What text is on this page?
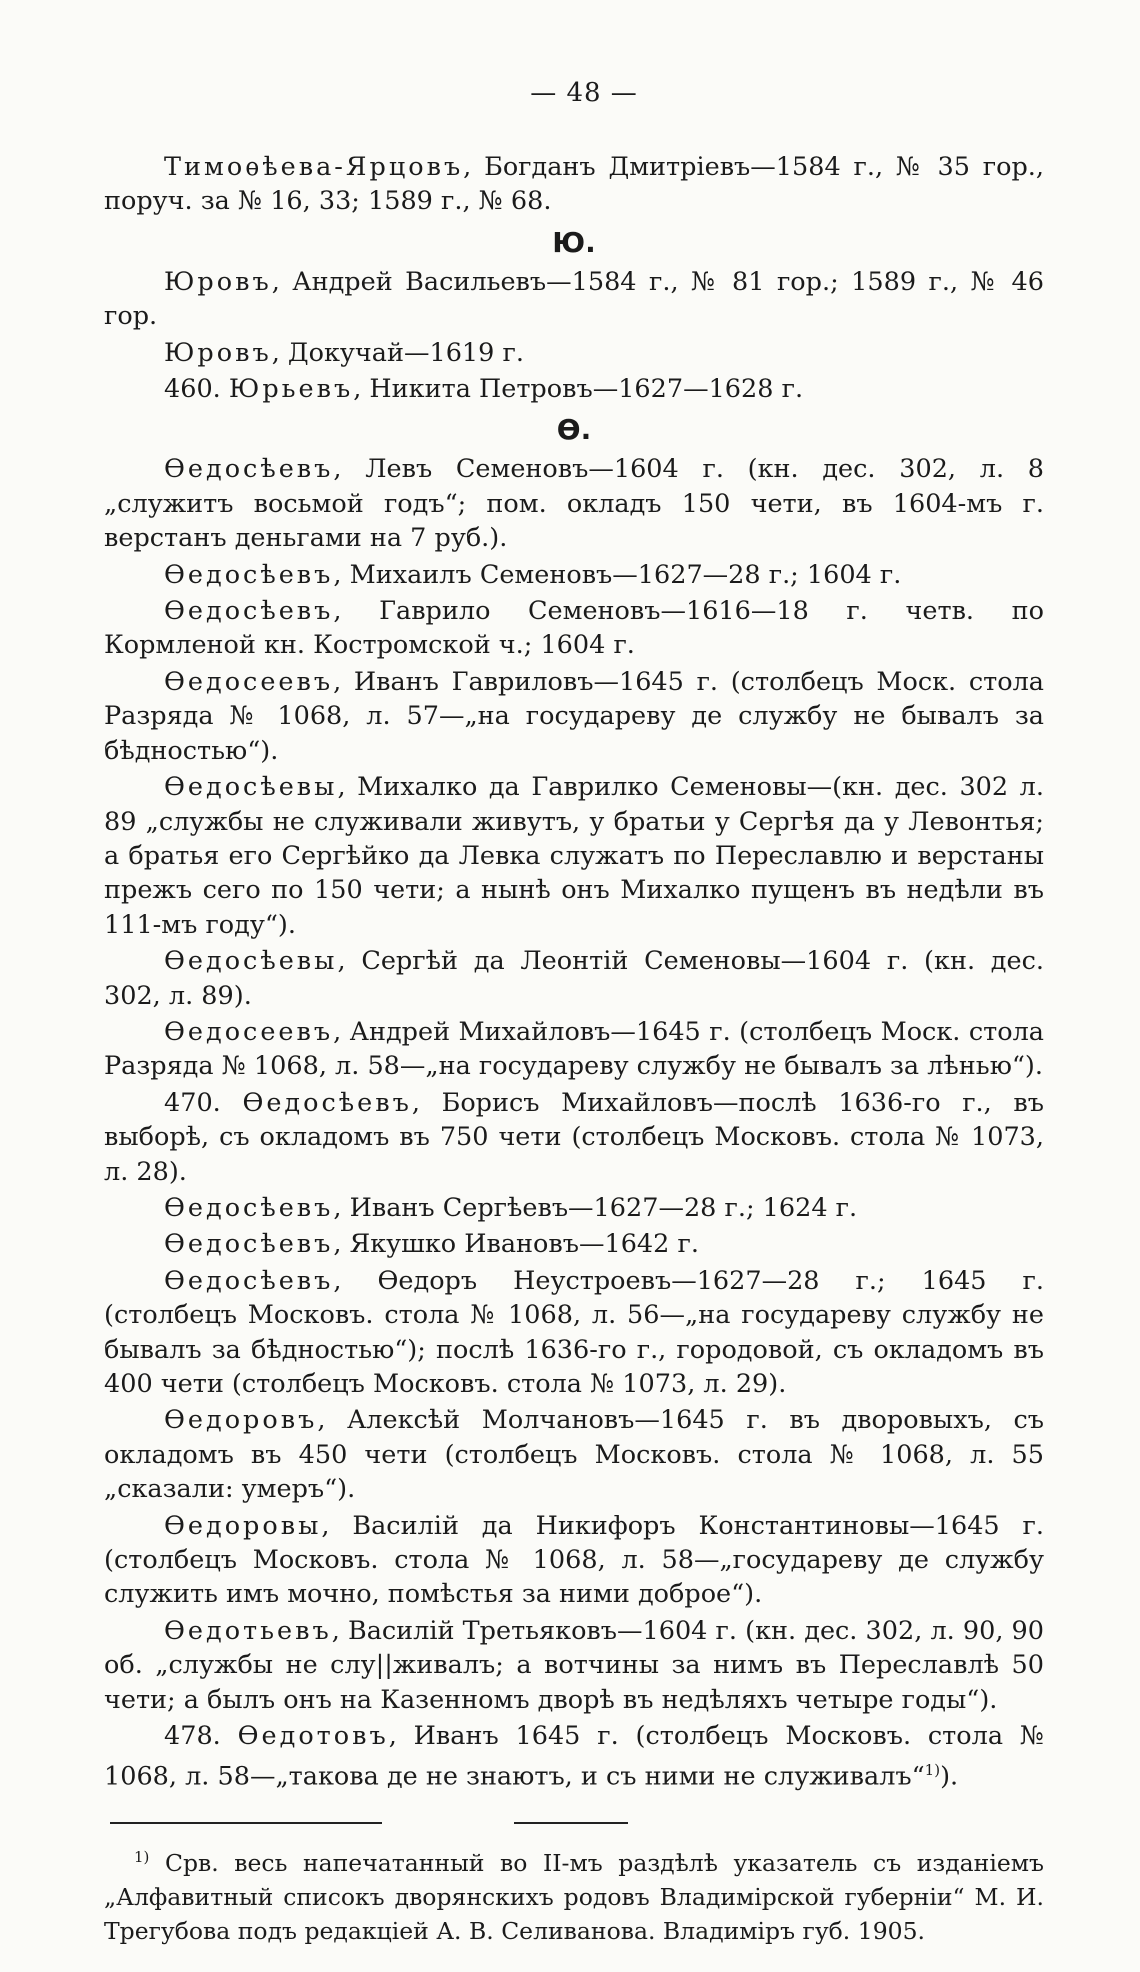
— 48 —

Тимоѳѣева-Ярцовъ, Богданъ Дмитріевъ—1584 г., № 35 гор., поруч. за № 16, 33; 1589 г., № 68.

Ю.

Юровъ, Андрей Васильевъ—1584 г., № 81 гор.; 1589 г., № 46 гор.

Юровъ, Докучай—1619 г.

460. Юрьевъ, Никита Петровъ—1627—1628 г.

Ѳ.

Ѳедосѣевъ, Левъ Семеновъ—1604 г. (кн. дес. 302, л. 8 „служитъ восьмой годъ“; пом. окладъ 150 чети, въ 1604-мъ г. верстанъ деньгами на 7 руб.).

Ѳедосѣевъ, Михаилъ Семеновъ—1627—28 г.; 1604 г.

Ѳедосѣевъ, Гаврило Семеновъ—1616—18 г. четв. по Кормленой кн. Костромской ч.; 1604 г.

Ѳедосеевъ, Иванъ Гавриловъ—1645 г. (столбецъ Моск. стола Разряда № 1068, л. 57—„на государеву де службу не бывалъ за бѣдностью“).

Ѳедосѣевы, Михалко да Гаврилко Семеновы—(кн. дес. 302 л. 89 „службы не служивали живутъ, у братьи у Сергѣя да у Левонтья; а братья его Сергѣйко да Левка служатъ по Переславлю и верстаны прежъ сего по 150 чети; а нынѣ онъ Михалко пущенъ въ недѣли въ 111-мъ году“).

Ѳедосѣевы, Сергѣй да Леонтій Семеновы—1604 г. (кн. дес. 302, л. 89).

Ѳедосеевъ, Андрей Михайловъ—1645 г. (столбецъ Моск. стола Разряда № 1068, л. 58—„на государеву службу не бывалъ за лѣнью“).

470. Ѳедосѣевъ, Борисъ Михайловъ—послѣ 1636-го г., въ выборѣ, съ окладомъ въ 750 чети (столбецъ Московъ. стола № 1073, л. 28).

Ѳедосѣевъ, Иванъ Сергѣевъ—1627—28 г.; 1624 г.

Ѳедосѣевъ, Якушко Ивановъ—1642 г.

Ѳедосѣевъ, Ѳедоръ Неустроевъ—1627—28 г.; 1645 г. (столбецъ Московъ. стола № 1068, л. 56—„на государеву службу не бывалъ за бѣдностью“); послѣ 1636-го г., городовой, съ окладомъ въ 400 чети (столбецъ Московъ. стола № 1073, л. 29).

Ѳедоровъ, Алексѣй Молчановъ—1645 г. въ дворовыхъ, съ окладомъ въ 450 чети (столбецъ Московъ. стола № 1068, л. 55 „сказали: умеръ“).

Ѳедоровы, Василій да Никифоръ Константиновы—1645 г. (столбецъ Московъ. стола № 1068, л. 58—„государеву де службу служить имъ мочно, помѣстья за ними доброе“).

Ѳедотьевъ, Василій Третьяковъ—1604 г. (кн. дес. 302, л. 90, 90 об. „службы не слу||живалъ; а вотчины за нимъ въ Переславлѣ 50 чети; а былъ онъ на Казенномъ дворѣ въ недѣляхъ четыре годы“).

478. Ѳедотовъ, Иванъ 1645 г. (столбецъ Московъ. стола № 1068, л. 58—„такова де не знаютъ, и съ ними не служивалъ“$^{1)}$).

$^{1)}$ Срв. весь напечатанный во II-мъ раздѣлѣ указатель съ изданіемъ „Алфавитный списокъ дворянскихъ родовъ Владимірской губерніи“ М. И. Трегубова подъ редакціей А. В. Селиванова. Владиміръ губ. 1905.
